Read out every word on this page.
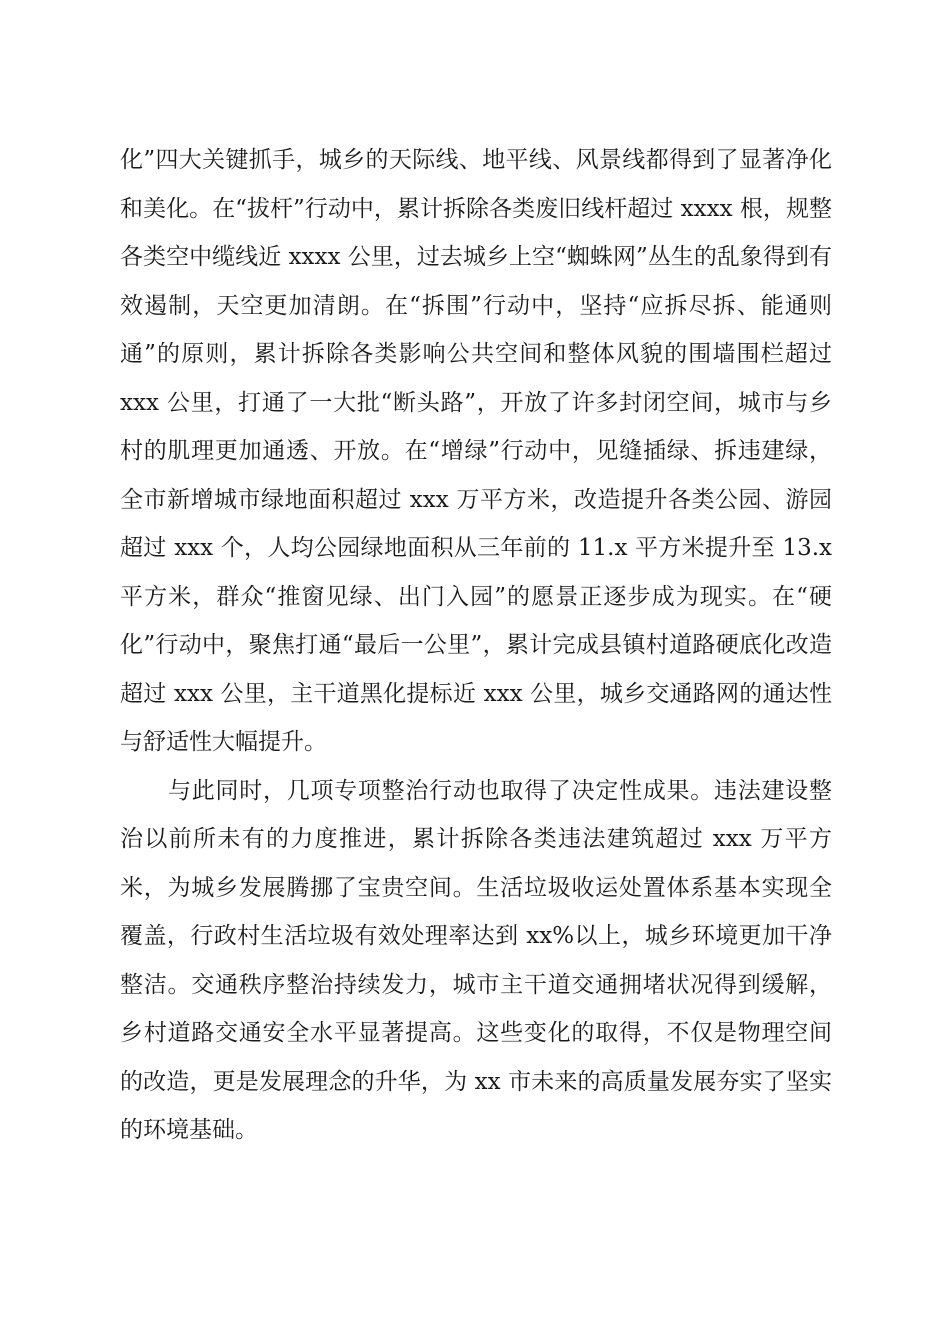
化”四大关键抓手，城乡的天际线、地平线、风景线都得到了显著净化和美化。在“拔杆”行动中，累计拆除各类废旧线杆超过 xxxx 根，规整各类空中缆线近 xxxx 公里，过去城乡上空“蜘蛛网”丛生的乱象得到有效遏制，天空更加清朗。在“拆围”行动中，坚持“应拆尽拆、能通则通”的原则，累计拆除各类影响公共空间和整体风貌的围墙围栏超过 xxx 公里，打通了一大批“断头路”，开放了许多封闭空间，城市与乡村的肌理更加通透、开放。在“增绿”行动中，见缝插绿、拆违建绿，全市新增城市绿地面积超过 xxx 万平方米，改造提升各类公园、游园超过 xxx 个，人均公园绿地面积从三年前的 11.x 平方米提升至 13.x 平方米，群众“推窗见绿、出门入园”的愿景正逐步成为现实。在“硬化”行动中，聚焦打通“最后一公里”，累计完成县镇村道路硬底化改造超过 xxx 公里，主干道黑化提标近 xxx 公里，城乡交通路网的通达性与舒适性大幅提升。

与此同时，几项专项整治行动也取得了决定性成果。违法建设整治以前所未有的力度推进，累计拆除各类违法建筑超过 xxx 万平方米，为城乡发展腾挪了宝贵空间。生活垃圾收运处置体系基本实现全覆盖，行政村生活垃圾有效处理率达到 xx%以上，城乡环境更加干净整洁。交通秩序整治持续发力，城市主干道交通拥堵状况得到缓解，乡村道路交通安全水平显著提高。这些变化的取得，不仅是物理空间的改造，更是发展理念的升华，为 xx 市未来的高质量发展夯实了坚实的环境基础。
